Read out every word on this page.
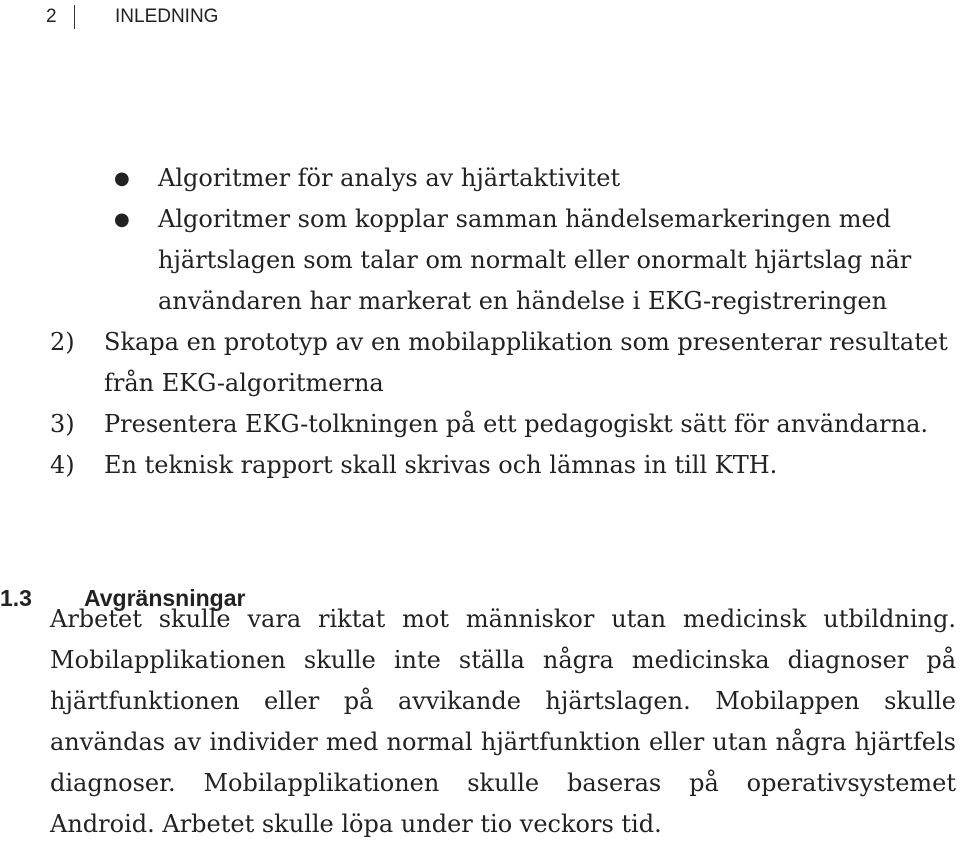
2	INLEDNING
● Algoritmer för analys av hjärtaktivitet
● Algoritmer som kopplar samman händelsemarkeringen med hjärtslagen som talar om normalt eller onormalt hjärtslag när användaren har markerat en händelse i EKG-registreringen
2) Skapa en prototyp av en mobilapplikation som presenterar resultatet från EKG-algoritmerna
3) Presentera EKG-tolkningen på ett pedagogiskt sätt för användarna.
4) En teknisk rapport skall skrivas och lämnas in till KTH.
1.3 Avgränsningar

Arbetet skulle vara riktat mot människor utan medicinsk utbildning. Mobilapplikationen skulle inte ställa några medicinska diagnoser på hjärtfunktionen eller på avvikande hjärtslagen. Mobilappen skulle användas av individer med normal hjärtfunktion eller utan några hjärtfels diagnoser. Mobilapplikationen skulle baseras på operativsystemet Android. Arbetet skulle löpa under tio veckors tid.
